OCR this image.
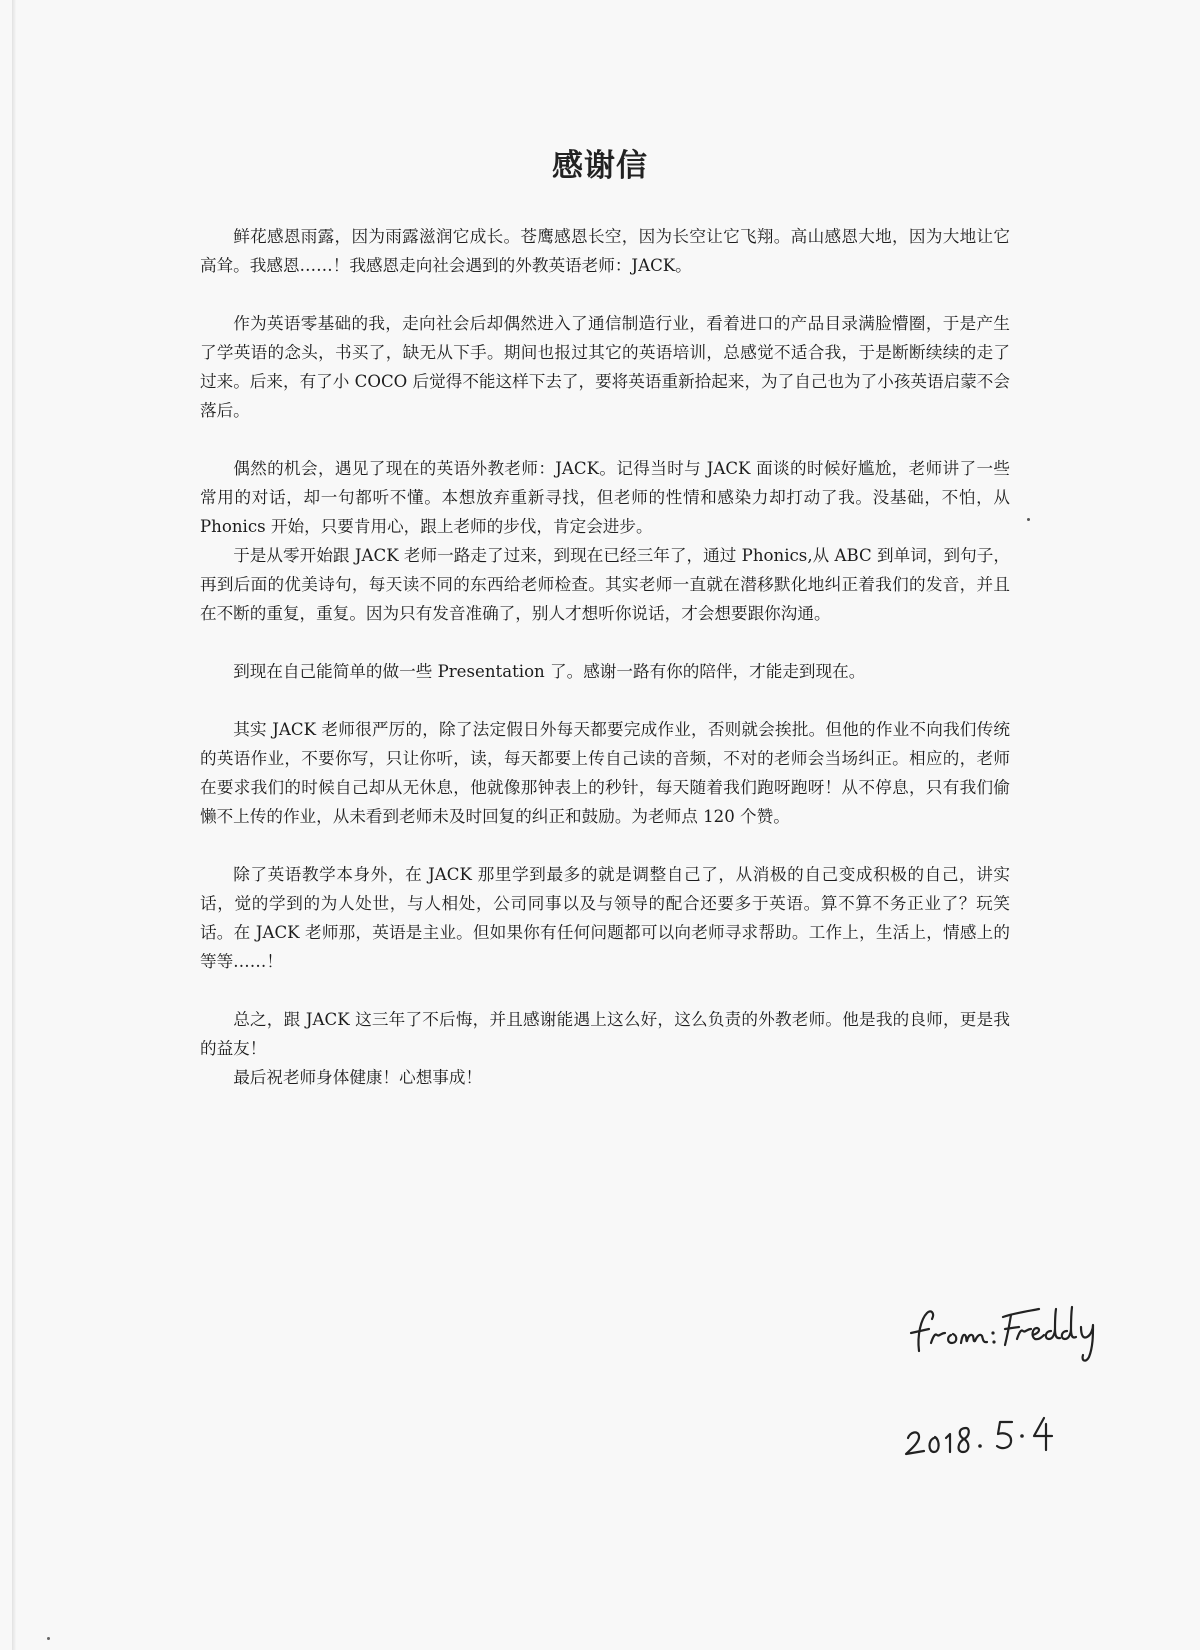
感谢信

鲜花感恩雨露，因为雨露滋润它成长。苍鹰感恩长空，因为长空让它飞翔。高山感恩大地，因为大地让它高耸。我感恩……！我感恩走向社会遇到的外教英语老师：JACK。

作为英语零基础的我，走向社会后却偶然进入了通信制造行业，看着进口的产品目录满脸懵圈，于是产生了学英语的念头，书买了，缺无从下手。期间也报过其它的英语培训，总感觉不适合我，于是断断续续的走了过来。后来，有了小 COCO 后觉得不能这样下去了，要将英语重新拾起来，为了自己也为了小孩英语启蒙不会落后。

偶然的机会，遇见了现在的英语外教老师：JACK。记得当时与 JACK 面谈的时候好尴尬，老师讲了一些常用的对话，却一句都听不懂。本想放弃重新寻找，但老师的性情和感染力却打动了我。没基础，不怕，从 Phonics 开始，只要肯用心，跟上老师的步伐，肯定会进步。

于是从零开始跟 JACK 老师一路走了过来，到现在已经三年了，通过 Phonics,从 ABC 到单词，到句子，再到后面的优美诗句，每天读不同的东西给老师检查。其实老师一直就在潜移默化地纠正着我们的发音，并且在不断的重复，重复。因为只有发音准确了，别人才想听你说话，才会想要跟你沟通。

到现在自己能简单的做一些 Presentation 了。感谢一路有你的陪伴，才能走到现在。

其实 JACK 老师很严厉的，除了法定假日外每天都要完成作业，否则就会挨批。但他的作业不向我们传统的英语作业，不要你写，只让你听，读，每天都要上传自己读的音频，不对的老师会当场纠正。相应的，老师在要求我们的时候自己却从无休息，他就像那钟表上的秒针，每天随着我们跑呀跑呀！从不停息，只有我们偷懒不上传的作业，从未看到老师未及时回复的纠正和鼓励。为老师点 120 个赞。

除了英语教学本身外，在 JACK 那里学到最多的就是调整自己了，从消极的自己变成积极的自己，讲实话，觉的学到的为人处世，与人相处，公司同事以及与领导的配合还要多于英语。算不算不务正业了？玩笑话。在 JACK 老师那，英语是主业。但如果你有任何问题都可以向老师寻求帮助。工作上，生活上，情感上的等等……！

总之，跟 JACK 这三年了不后悔，并且感谢能遇上这么好，这么负责的外教老师。他是我的良师，更是我的益友！

最后祝老师身体健康！心想事成！
